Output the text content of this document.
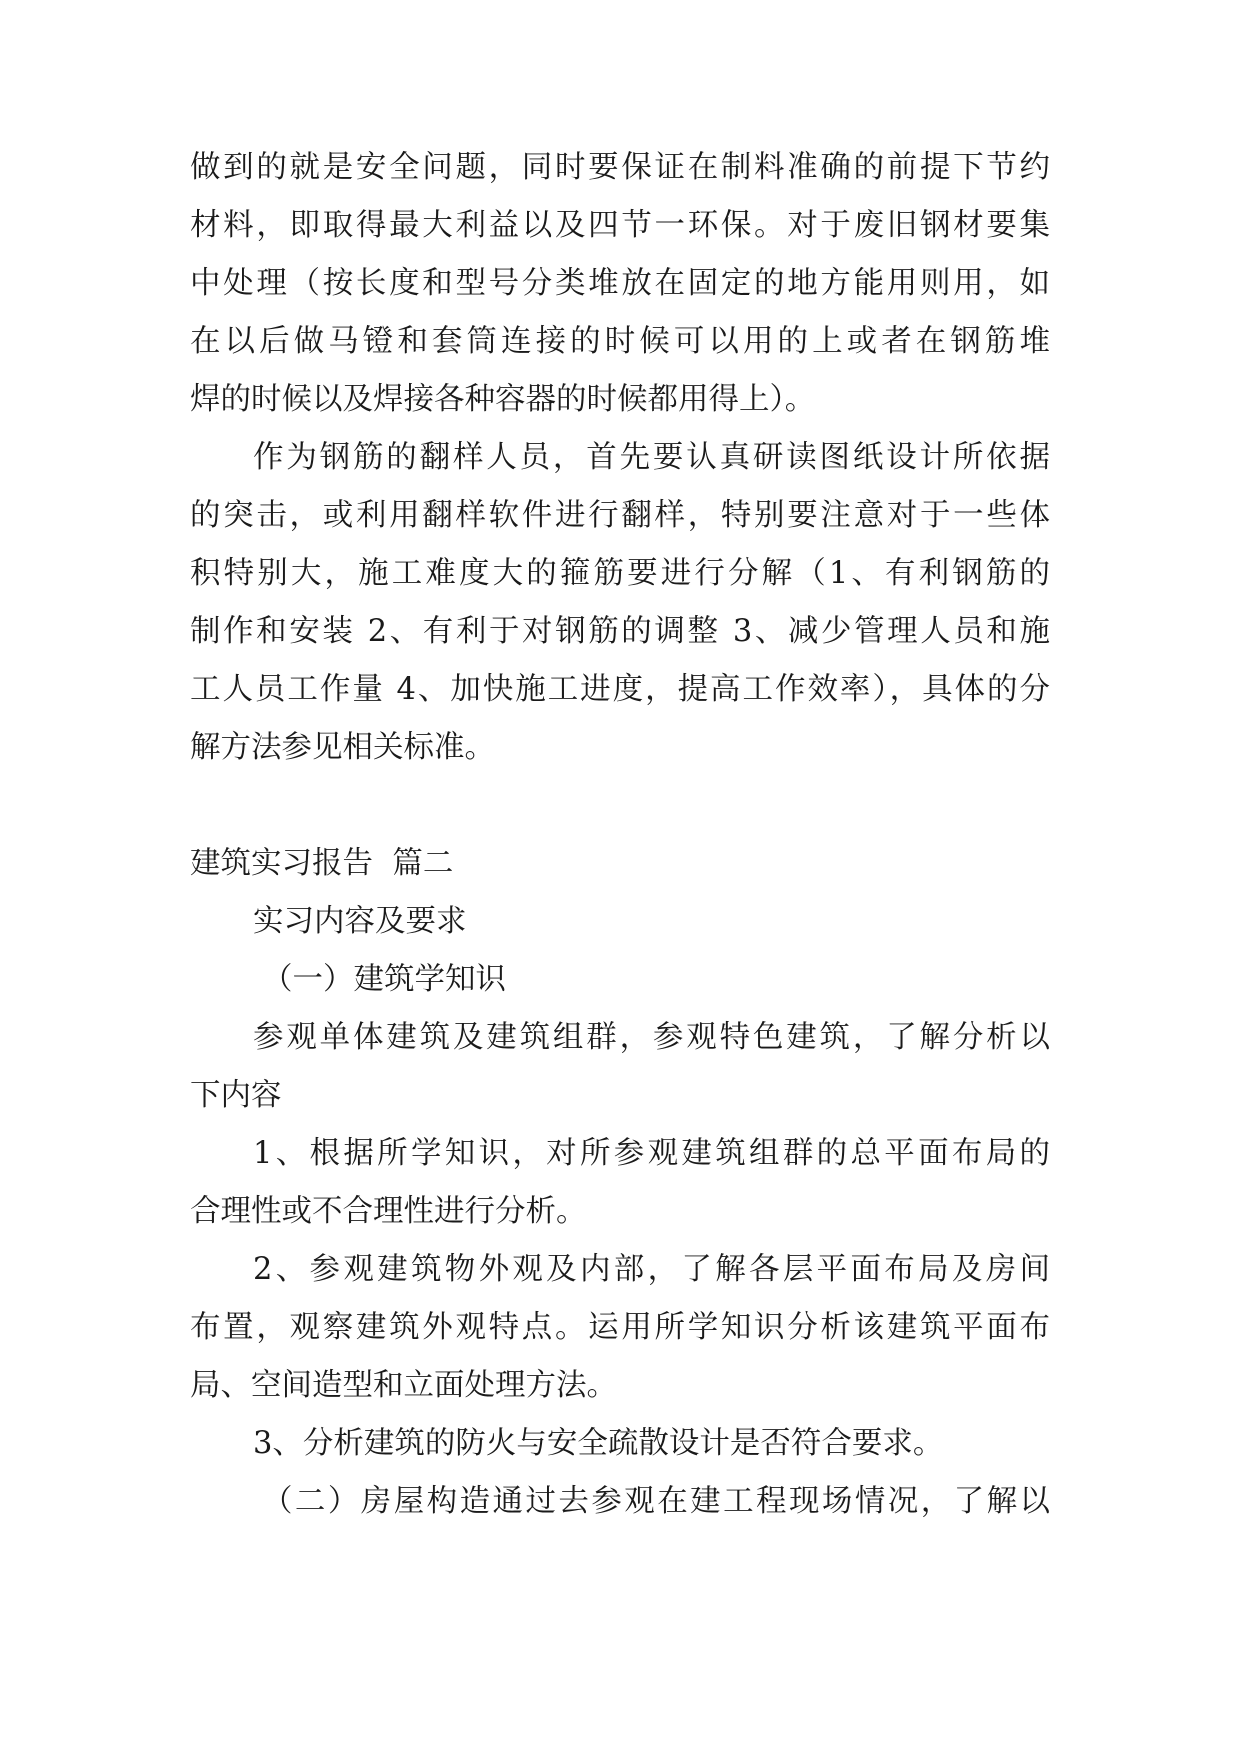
做到的就是安全问题，同时要保证在制料准确的前提下节约
材料，即取得最大利益以及四节一环保。对于废旧钢材要集
中处理（按长度和型号分类堆放在固定的地方能用则用，如
在以后做马镫和套筒连接的时候可以用的上或者在钢筋堆
焊的时候以及焊接各种容器的时候都用得上）。
作为钢筋的翻样人员，首先要认真研读图纸设计所依据
的突击，或利用翻样软件进行翻样，特别要注意对于一些体
积特别大，施工难度大的箍筋要进行分解（1、有利钢筋的
制作和安装 2、有利于对钢筋的调整 3、减少管理人员和施
工人员工作量 4、加快施工进度，提高工作效率），具体的分
解方法参见相关标准。
建筑实习报告  篇二
实习内容及要求
（一）建筑学知识
参观单体建筑及建筑组群，参观特色建筑，了解分析以
下内容
1、根据所学知识，对所参观建筑组群的总平面布局的
合理性或不合理性进行分析。
2、参观建筑物外观及内部，了解各层平面布局及房间
布置，观察建筑外观特点。运用所学知识分析该建筑平面布
局、空间造型和立面处理方法。
3、分析建筑的防火与安全疏散设计是否符合要求。
（二）房屋构造通过去参观在建工程现场情况，了解以
